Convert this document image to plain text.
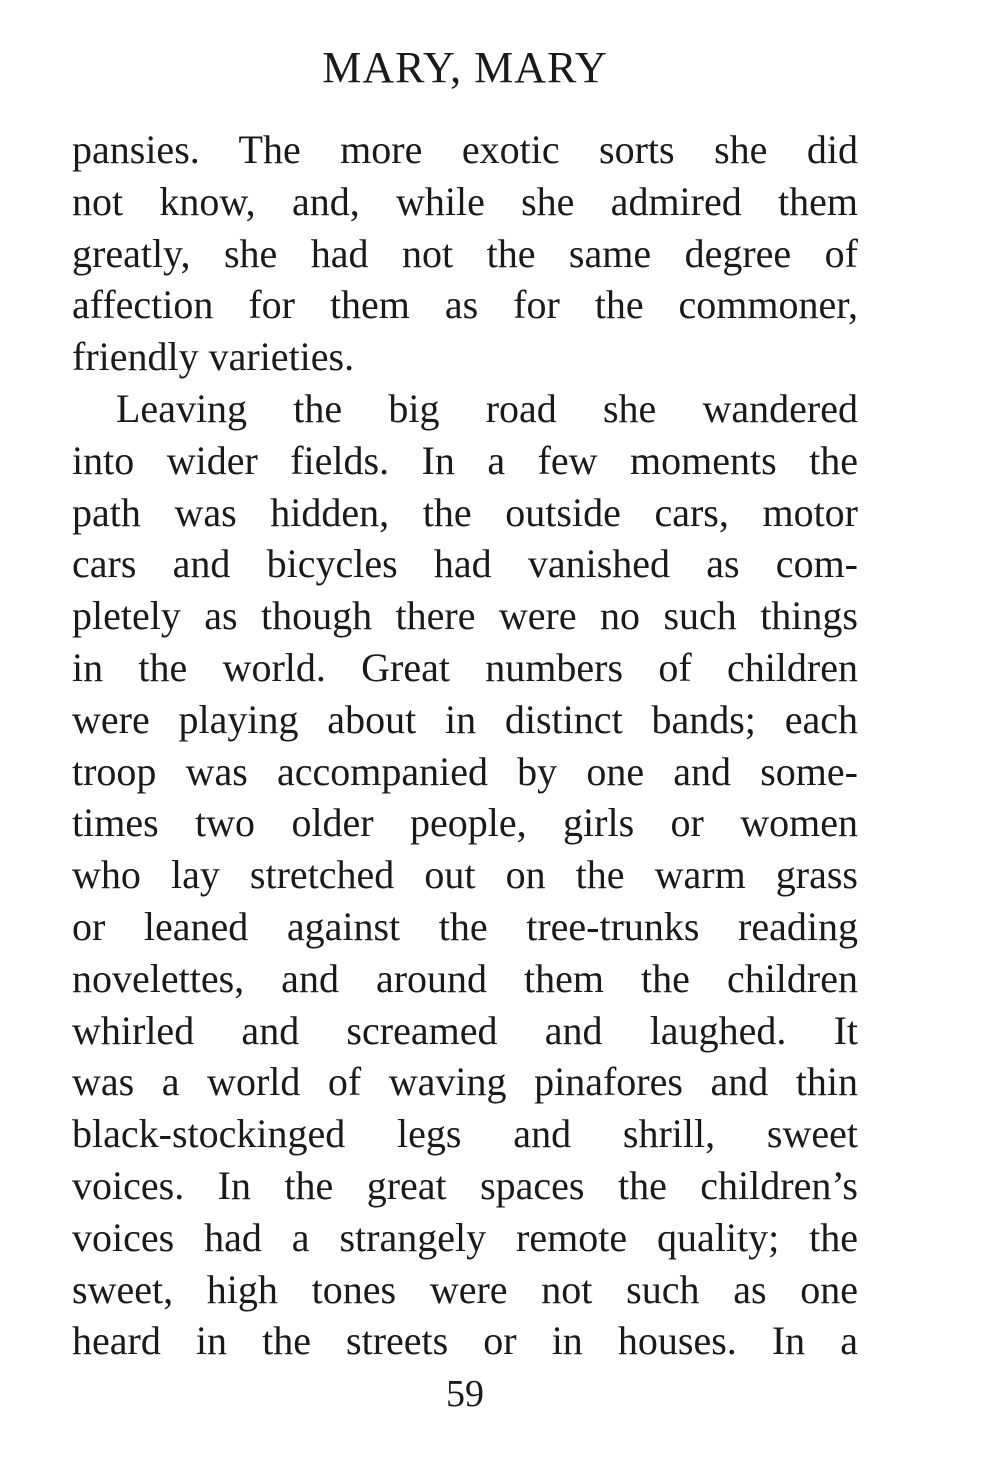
MARY, MARY
pansies. The more exotic sorts she did
not know, and, while she admired them
greatly, she had not the same degree of
affection for them as for the commoner,
friendly varieties.
Leaving the big road she wandered
into wider fields. In a few moments the
path was hidden, the outside cars, motor
cars and bicycles had vanished as com-
pletely as though there were no such things
in the world. Great numbers of children
were playing about in distinct bands; each
troop was accompanied by one and some-
times two older people, girls or women
who lay stretched out on the warm grass
or leaned against the tree-trunks reading
novelettes, and around them the children
whirled and screamed and laughed. It
was a world of waving pinafores and thin
black-stockinged legs and shrill, sweet
voices. In the great spaces the children’s
voices had a strangely remote quality; the
sweet, high tones were not such as one
heard in the streets or in houses. In a
59
